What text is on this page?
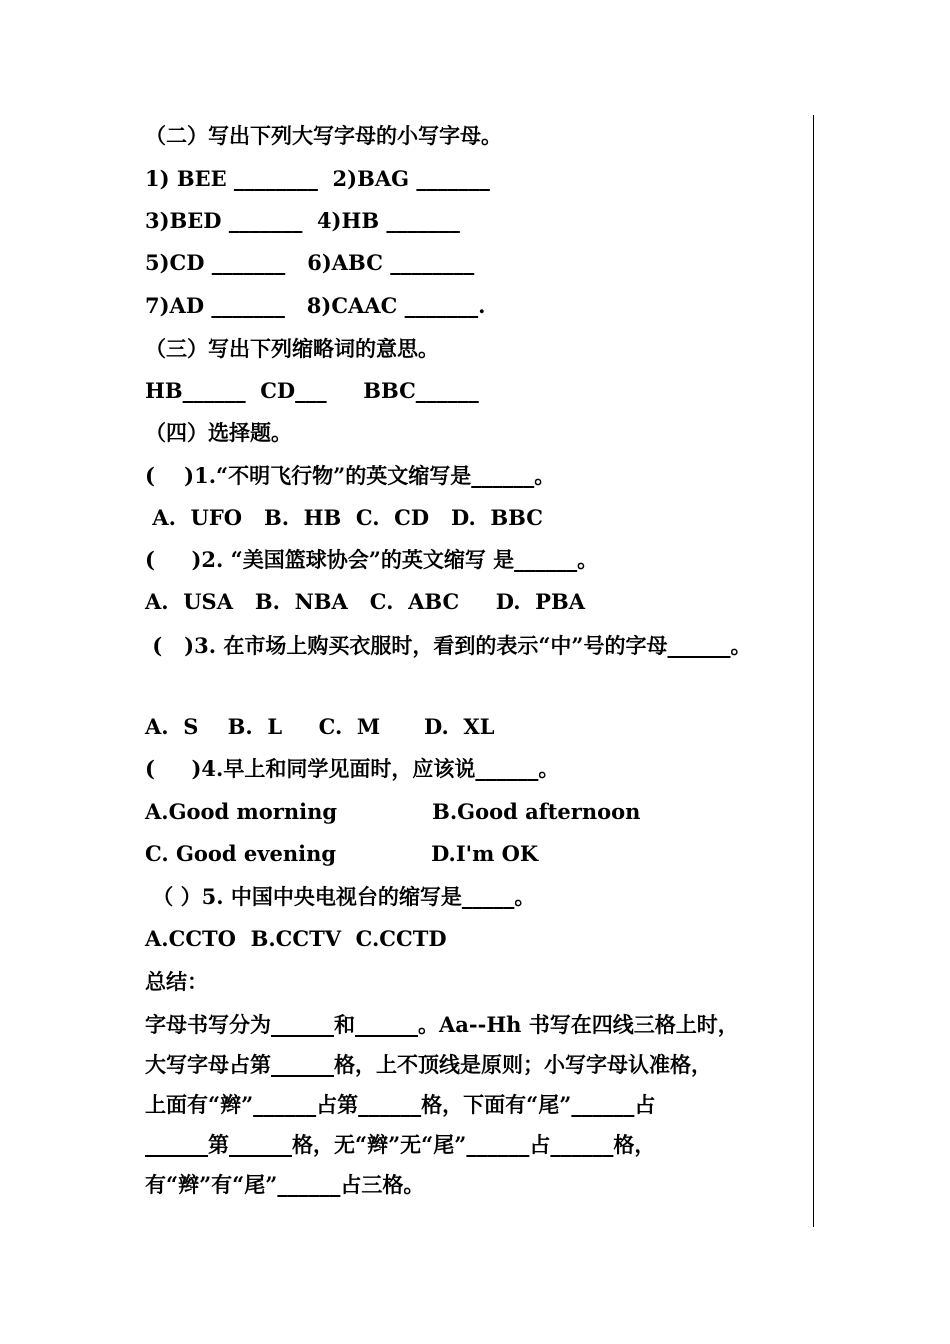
（二）写出下列大写字母的小写字母。
1) BEE ________  2)BAG _______
3)BED _______  4)HB _______
5)CD _______   6)ABC ________
7)AD _______   8)CAAC _______.
（三）写出下列缩略词的意思。
HB______  CD___     BBC______
（四）选择题。
(    )1.“不明飞行物”的英文缩写是______。
A.  UFO   B.  HB  C.  CD   D.  BBC
(     )2. “美国篮球协会”的英文缩写 是______。
A.  USA   B.  NBA   C.  ABC     D.  PBA
(   )3. 在市场上购买衣服时，看到的表示“中”号的字母______。
A.  S    B.  L     C.  M      D.  XL
(     )4.早上和同学见面时，应该说______。
A.Good morning             B.Good afternoon
C. Good evening             D.I'm OK
（ ）5. 中国中央电视台的缩写是_____。
A.CCTO  B.CCTV  C.CCTD
总结：
字母书写分为______和______。Aa--Hh 书写在四线三格上时，
大写字母占第______格，上不顶线是原则；小写字母认准格，
上面有“辫”______占第______格，下面有“尾”______占
______第______格，无“辫”无“尾”______占______格，
有“辫”有“尾”______占三格。
